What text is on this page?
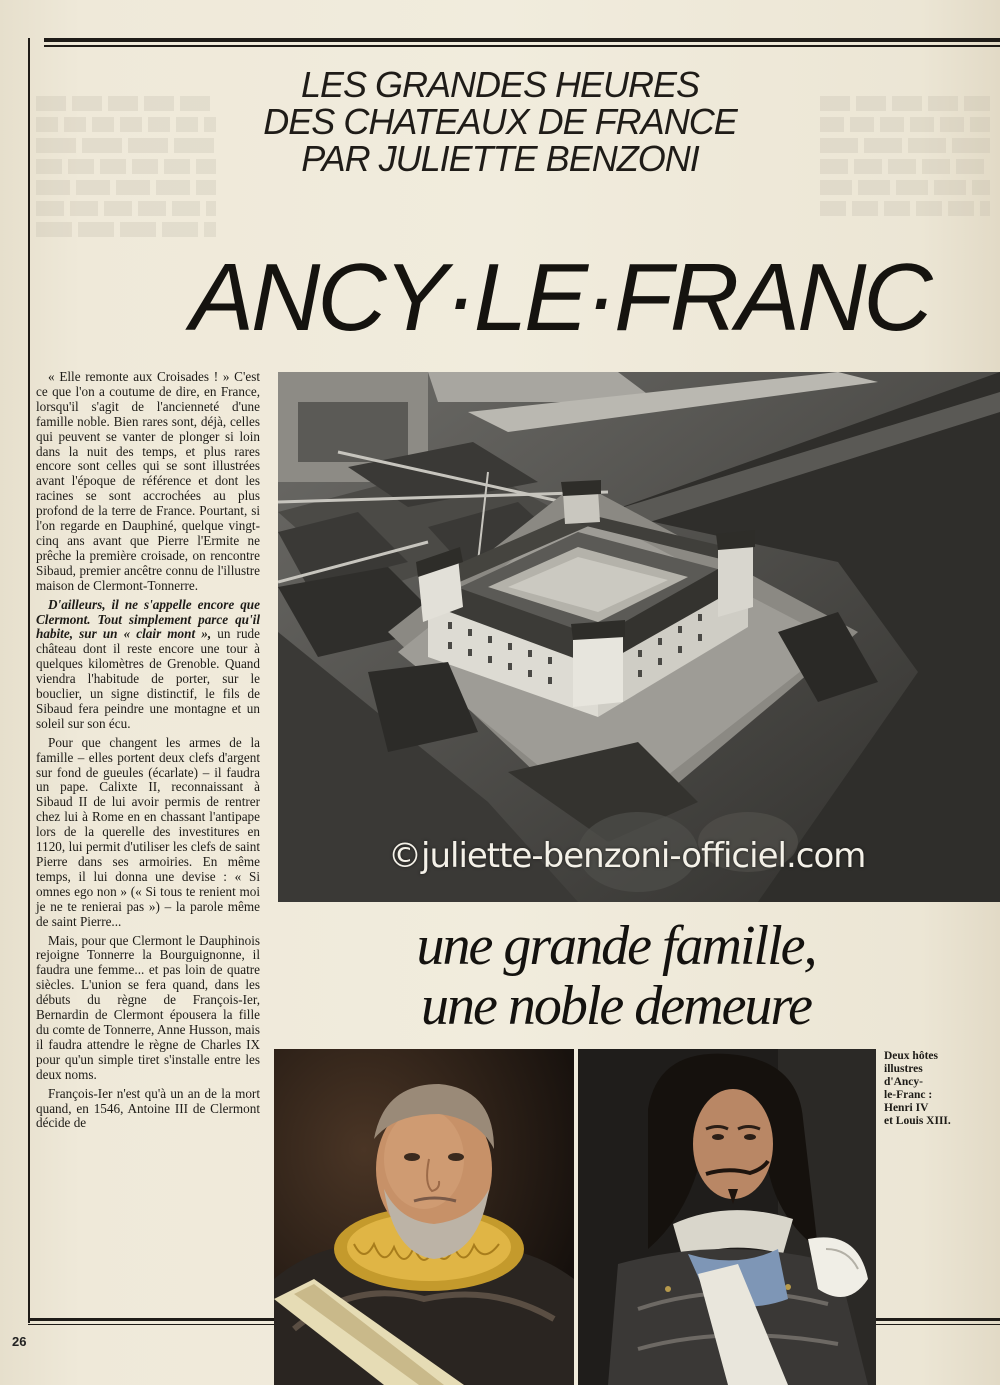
LES GRANDES HEURES
DES CHATEAUX DE FRANCE
PAR JULIETTE BENZONI
ANCY·LE·FRANC

« Elle remonte aux Croisades ! » C'est ce que l'on a coutume de dire, en France, lorsqu'il s'agit de l'ancienneté d'une famille noble. Bien rares sont, déjà, celles qui peuvent se vanter de plonger si loin dans la nuit des temps, et plus rares encore sont celles qui se sont illustrées avant l'époque de référence et dont les racines se sont accrochées au plus profond de la terre de France. Pourtant, si l'on regarde en Dauphiné, quelque vingt-cinq ans avant que Pierre l'Ermite ne prêche la première croisade, on rencontre Sibaud, premier ancêtre connu de l'illustre maison de Clermont-Tonnerre.

D'ailleurs, il ne s'appelle encore que Clermont. Tout simplement parce qu'il habite, sur un « clair mont », un rude château dont il reste encore une tour à quelques kilomètres de Grenoble. Quand viendra l'habitude de porter, sur le bouclier, un signe distinctif, le fils de Sibaud fera peindre une montagne et un soleil sur son écu.

Pour que changent les armes de la famille – elles portent deux clefs d'argent sur fond de gueules (écarlate) – il faudra un pape. Calixte II, reconnaissant à Sibaud II de lui avoir permis de rentrer chez lui à Rome en en chassant l'antipape lors de la querelle des investitures en 1120, lui permit d'utiliser les clefs de saint Pierre dans ses armoiries. En même temps, il lui donna une devise : « Si omnes ego non » (« Si tous te renient moi je ne te renierai pas ») – la parole même de saint Pierre...

Mais, pour que Clermont le Dauphinois rejoigne Tonnerre la Bourguignonne, il faudra une femme... et pas loin de quatre siècles. L'union se fera quand, dans les débuts du règne de François-Ier, Bernardin de Clermont épousera la fille du comte de Tonnerre, Anne Husson, mais il faudra attendre le règne de Charles IX pour qu'un simple tiret s'installe entre les deux noms.

François-Ier n'est qu'à un an de la mort quand, en 1546, Antoine III de Clermont décide de

©juliette-benzoni-officiel.com
une grande famille,
une noble demeure
Deux hôtes
illustres
d'Ancy-
le-Franc :
Henri IV
et Louis XIII.
26
